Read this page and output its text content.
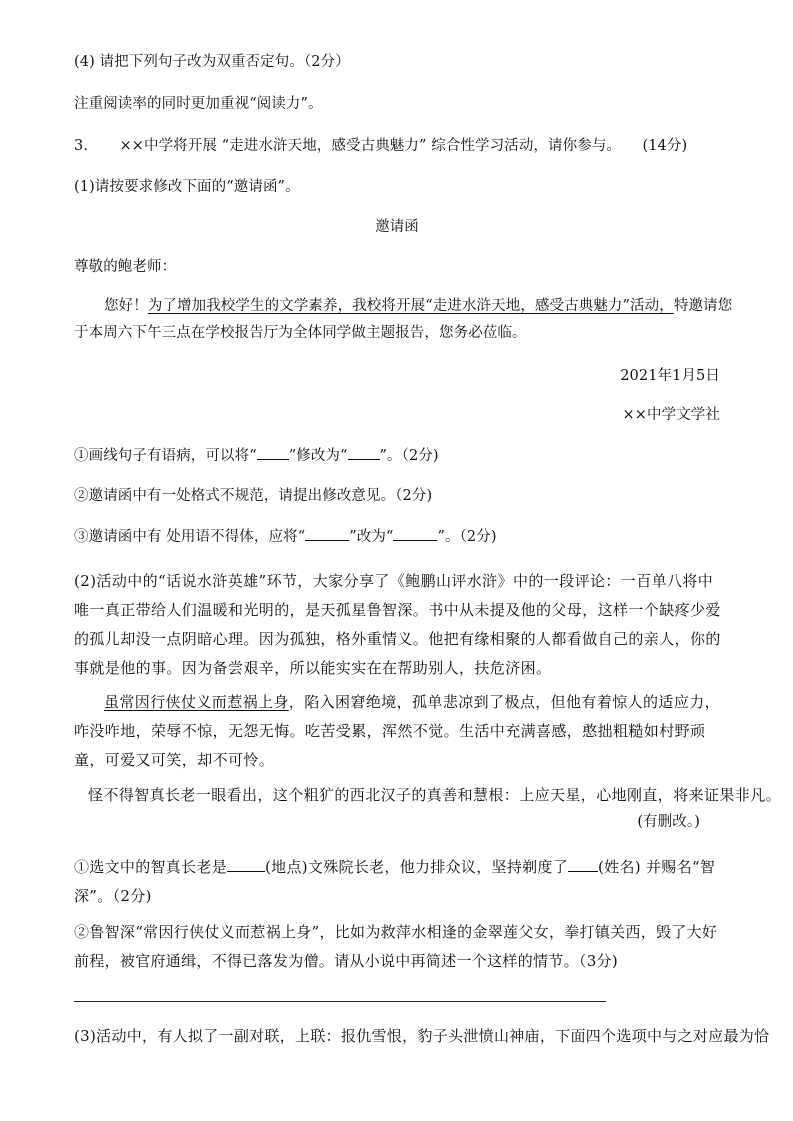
(4) 请把下列句子改为双重否定句。（2分）
注重阅读率的同时更加重视“阅读力”。
3. ××中学将开展 “走进水浒天地，感受古典魅力” 综合性学习活动，请你参与。 (14分)
(1)请按要求修改下面的“邀请函”。
邀请函
尊敬的鲍老师：
您好！为了增加我校学生的文学素养，我校将开展“走进水浒天地，感受古典魅力”活动，特邀请您
于本周六下午三点在学校报告厅为全体同学做主题报告，您务必莅临。
2021年1月5日
××中学文学社
①画线句子有语病，可以将“ ”修改为“ ”。（2分)
②邀请函中有一处格式不规范，请提出修改意见。（2分)
③邀请函中有 处用语不得体，应将“	”改为“	”。（2分)
(2)活动中的“话说水浒英雄”环节，大家分享了《鲍鹏山评水浒》中的一段评论：一百单八将中唯一真正带给人们温暖和光明的，是天孤星鲁智深。书中从未提及他的父母，这样一个缺疼少爱的孤儿却没一点阴暗心理。因为孤独，格外重情义。他把有缘相聚的人都看做自己的亲人，你的事就是他的事。因为备尝艰辛，所以能实实在在帮助别人，扶危济困。
虽常因行侠仗义而惹祸上身，陷入困窘绝境，孤单悲凉到了极点，但他有着惊人的适应力，咋没咋地，荣辱不惊，无怨无悔。吃苦受累，浑然不觉。生活中充满喜感，憨拙粗糙如村野顽童，可爱又可笑，却不可怜。
怪不得智真长老一眼看出，这个粗犷的西北汉子的真善和慧根：上应天星，心地刚直，将来证果非凡。
(有删改。)
①选文中的智真长老是	(地点)文殊院长老，他力排众议，坚持剃度了 (姓名) 并赐名“智深”。（2分)
②鲁智深“常因行侠仗义而惹祸上身”，比如为救萍水相逢的金翠莲父女，拳打镇关西，毁了大好前程，被官府通缉，不得已落发为僧。请从小说中再简述一个这样的情节。（3分)
(3)活动中，有人拟了一副对联，上联：报仇雪恨，豹子头泄愤山神庙，下面四个选项中与之对应最为恰
